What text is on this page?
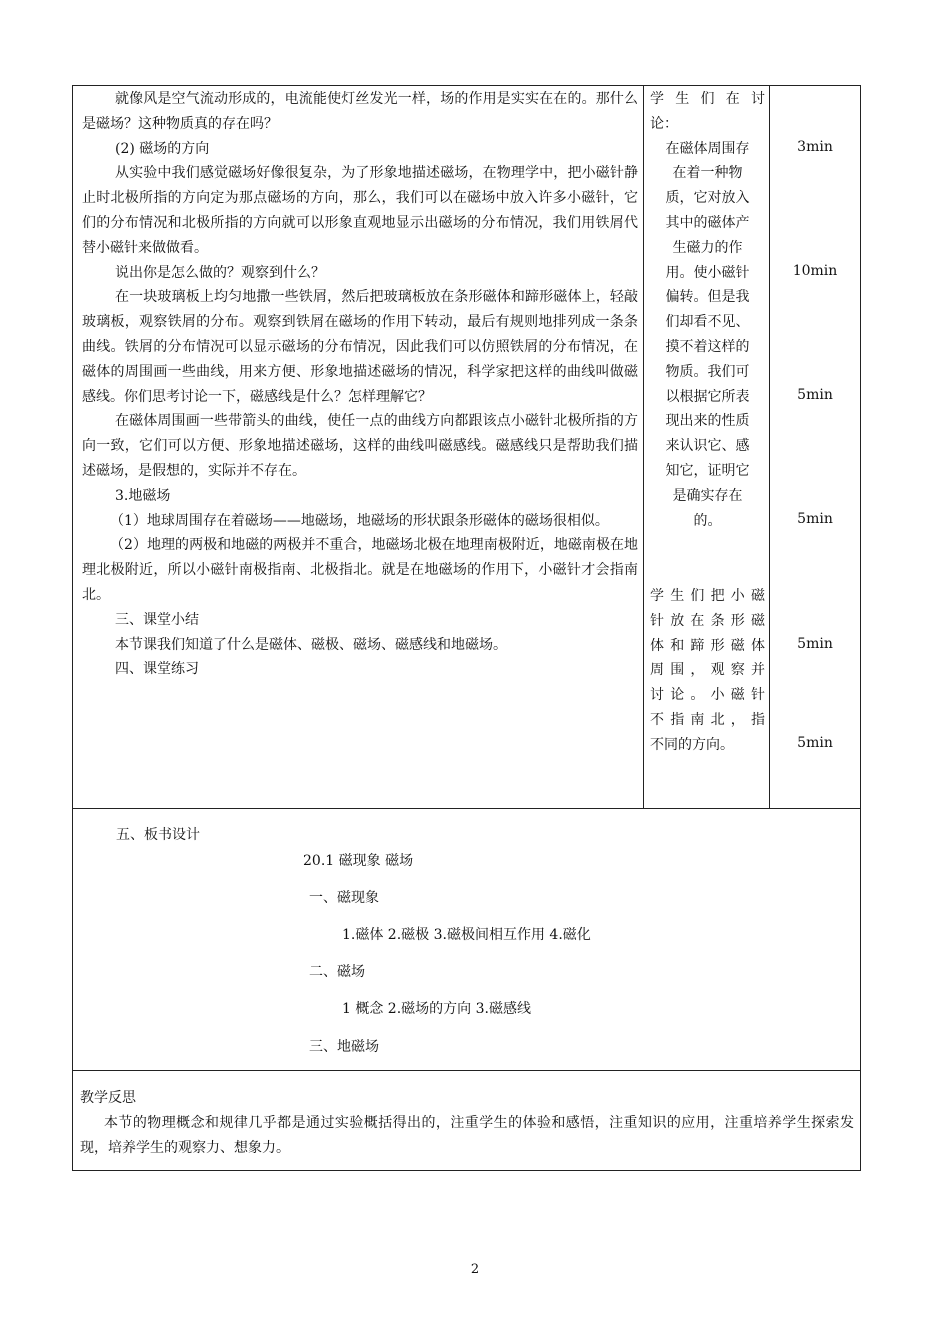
就像风是空气流动形成的，电流能使灯丝发光一样，场的作用是实实在在的。那什么是磁场？这种物质真的存在吗？

(2) 磁场的方向

从实验中我们感觉磁场好像很复杂，为了形象地描述磁场，在物理学中，把小磁针静止时北极所指的方向定为那点磁场的方向，那么，我们可以在磁场中放入许多小磁针，它们的分布情况和北极所指的方向就可以形象直观地显示出磁场的分布情况，我们用铁屑代替小磁针来做做看。

说出你是怎么做的？观察到什么？

在一块玻璃板上均匀地撒一些铁屑，然后把玻璃板放在条形磁体和蹄形磁体上，轻敲玻璃板，观察铁屑的分布。观察到铁屑在磁场的作用下转动，最后有规则地排列成一条条曲线。铁屑的分布情况可以显示磁场的分布情况，因此我们可以仿照铁屑的分布情况，在磁体的周围画一些曲线，用来方便、形象地描述磁场的情况，科学家把这样的曲线叫做磁感线。你们思考讨论一下，磁感线是什么？怎样理解它？

在磁体周围画一些带箭头的曲线，使任一点的曲线方向都跟该点小磁针北极所指的方向一致，它们可以方便、形象地描述磁场，这样的曲线叫磁感线。磁感线只是帮助我们描述磁场，是假想的，实际并不存在。

3.地磁场

（1）地球周围存在着磁场——地磁场，地磁场的形状跟条形磁体的磁场很相似。

（2）地理的两极和地磁的两极并不重合，地磁场北极在地理南极附近，地磁南极在地理北极附近，所以小磁针南极指南、北极指北。就是在地磁场的作用下，小磁针才会指南北。

三、课堂小结

本节课我们知道了什么是磁体、磁极、磁场、磁感线和地磁场。

四、课堂练习

学生们在讨

论：

在磁体周围存

在着一种物

质，它对放入

其中的磁体产

生磁力的作

用。使小磁针

偏转。但是我

们却看不见、

摸不着这样的

物质。我们可

以根据它所表

现出来的性质

来认识它、感

知它，证明它

是确实存在

的。

学生们把小磁

针放在条形磁

体和蹄形磁体

周围，观察并

讨论。小磁针

不指南北，指

不同的方向。

3min
10min
5min
5min
5min
5min
五、板书设计
20.1 磁现象 磁场
一、磁现象
1.磁体 2.磁极 3.磁极间相互作用 4.磁化
二、磁场
1 概念 2.磁场的方向 3.磁感线
三、地磁场

教学反思

本节的物理概念和规律几乎都是通过实验概括得出的，注重学生的体验和感悟，注重知识的应用，注重培养学生探索发现，培养学生的观察力、想象力。

2
